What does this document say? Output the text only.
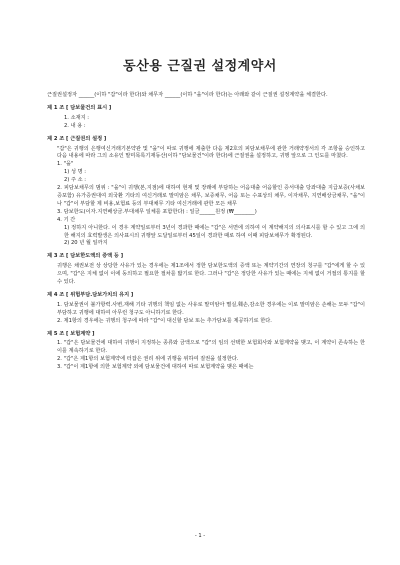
동산용 근질권 설정계약서

근질권설정자 ______(이하 "갑"이라 한다)와 채무자 ______(이하 "을"이라 한다)는 아래와 같이 근질권 설정계약을 체결한다.

제 1 조 [ 담보물건의 표시 ]

1. 소재지 :

2. 내 용 :

제 2 조 [ 근질권의 설정 ]

"갑"은 귀행의 은행여신거래기본약관 및 "을"이 따로 귀행에 제출한 다음 제2호의 피담보채무에 관한 거래약정서의 각 조항을 승인하고 다음 내용에 따라 그의 소유인 말미목록기재동산(이하 "담보물건"이라 한다)에 근질권을 설정하고, 귀행 앞으로 그 인도를 마쳤다.

1. "을"

1) 성 명 :

2) 주 소 :

2. 피담보채무의 범위 : "을"이 귀행(본,지점)에 대하여 현재 및 장래에 부담하는 어음대출 어음할인 증서대출 당좌대출 지급보증(사채보증포함) 유가증권대여 외국환 기타의 여신거래로 말미암은 채무, 보증채무, 어음 또는 수표상의 채무, 이자채무, 지연배상금채무, "을"이나 "갑"이 부담할 제 비용,보험료 등의 부대채무 기타 여신거래에 관한 모든 채무

3. 담보한도(이자.지연배상금.부대채무 일체를 포함한다) : 일금______원정 (₩________)

4. 기 간

1) 정하지 아니한다. 이 경우 계약일로부터 3년이 경과한 때에는 "갑"은 서면에 의하여 이 계약해지의 의사표시를 할 수 있고 그에 의한 해지의 효력발생은 의사표시의 귀행앞 도달일로부터 45일이 경과한 때로 하여 이때 피담보채무가 확정된다.

2) 20 년 월 일까지

제 3 조 [ 담보한도액의 증액 등 ]

귀행은 채권보전 상 상당한 사유가 있는 경우에는 제1조에서 정한 담보한도액의 증액 또는 계약기간의 연장의 청구를 "갑"에게 할 수 있으며, "갑"은 지체 없이 이에 동의하고 필요한 절차를 밟기로 한다. 그러나 "갑"은 정당한 사유가 있는 때에는 지체 없이 거절의 통지를 할 수 있다.

제 4 조 [ 위험부담.담보가치의 유지 ]

1. 담보물권이 불가항력.사변,재해 기타 귀행의 책임 없는 사유로 말미암아 멸실,훼손,감소한 경우에는 이로 말미암은 손해는 모두 "갑"이 부담하고 귀행에 대하여 아무런 청구도 아니하기로 한다.

2. 제1항의 경우에는 귀행의 청구에 따라 "갑"이 대신할 담보 또는 추가담보를 제공하기로 한다.

제 5 조 [ 보험계약 ]

1. "갑"은 담보물건에 대하여 귀행이 지정하는 종류와 금액으로 "갑"의 임의 선택한 보험회사와 보험계약을 맺고, 이 계약이 존속하는 한 이를 계속하기로 한다.

2. "갑"은 제1항의 보험계약에 터잡은 권리 위에 귀행을 위하여 질권을 설정한다.

3. "갑"이 제1항에 의한 보험계약 외에 담보물건에 대하여 따로 보험계약을 맺은 때에는

- 1 -
